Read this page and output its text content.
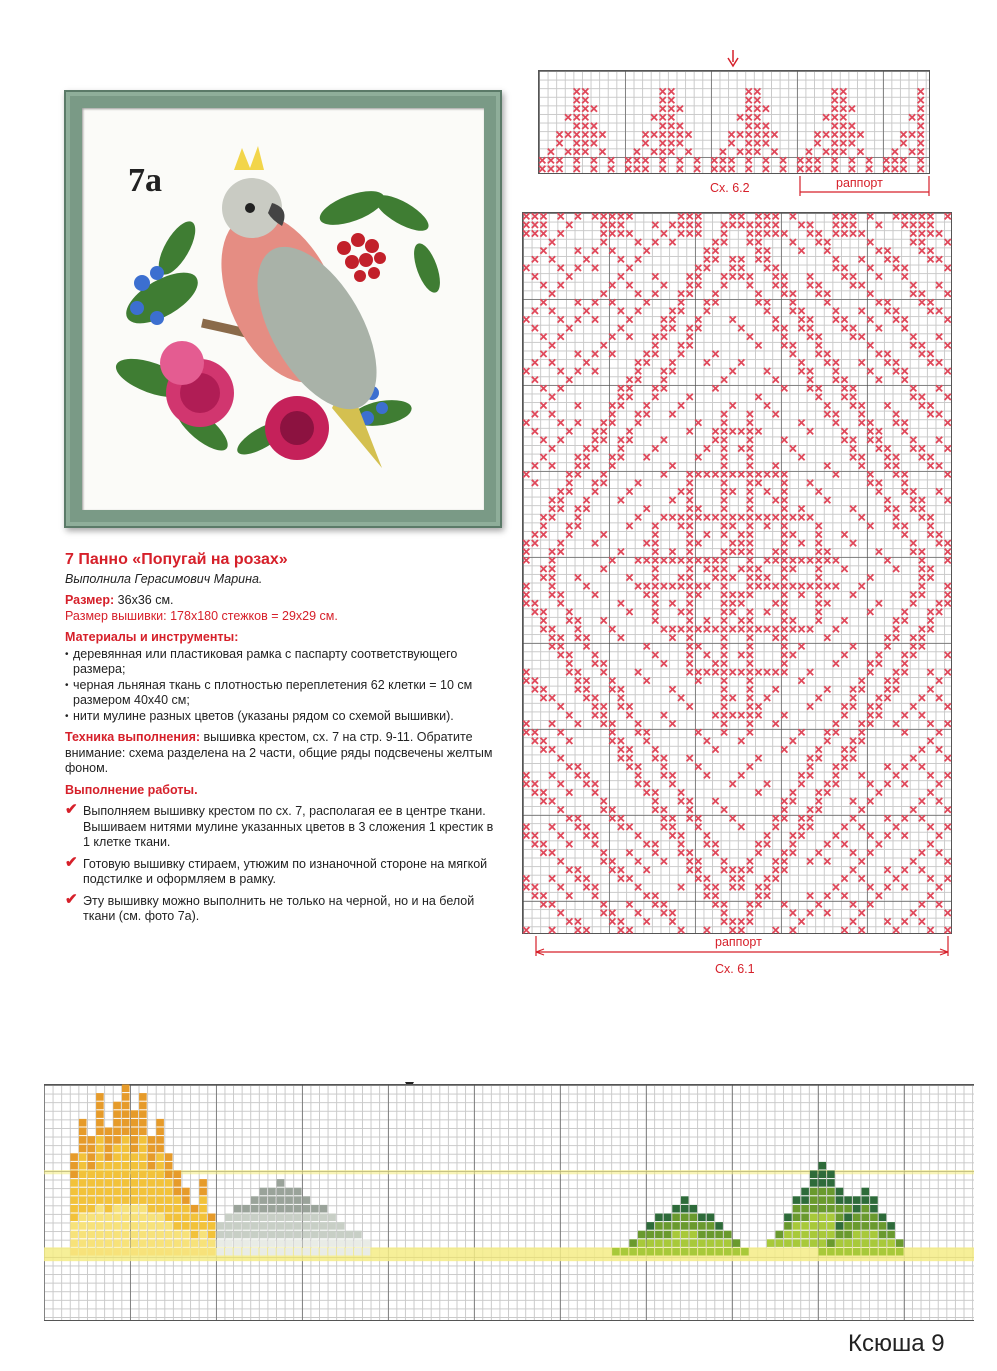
7a
7 Панно «Попугай на розах»
Выполнила Герасимович Марина.
Размер: 36х36 см.
Размер вышивки: 178х180 стежков = 29х29 см.
Материалы и инструменты:
• деревянная или пластиковая рамка с паспарту соответствующего размера;
• черная льняная ткань с плотностью переплетения 62 клетки = 10 см размером 40х40 см;
• нити мулине разных цветов (указаны рядом со схемой вышивки).
Техника выполнения: вышивка крестом, сх. 7 на стр. 9-11. Обратите внимание: схема разделена на 2 части, общие ряды подсвечены желтым фоном.
Выполнение работы.
✔ Выполняем вышивку крестом по сх. 7, располагая ее в центре ткани. Вышиваем нитями мулине указанных цветов в 3 сложения 1 крестик в 1 клетке ткани.
✔ Готовую вышивку стираем, утюжим по изнаночной стороне на мягкой подстилке и оформляем в рамку.
✔ Эту вышивку можно выполнить не только на черной, но и на белой ткани (см. фото 7а).
Сх. 6.2	раппорт
раппорт
Сх. 6.1
Ксюша 9
